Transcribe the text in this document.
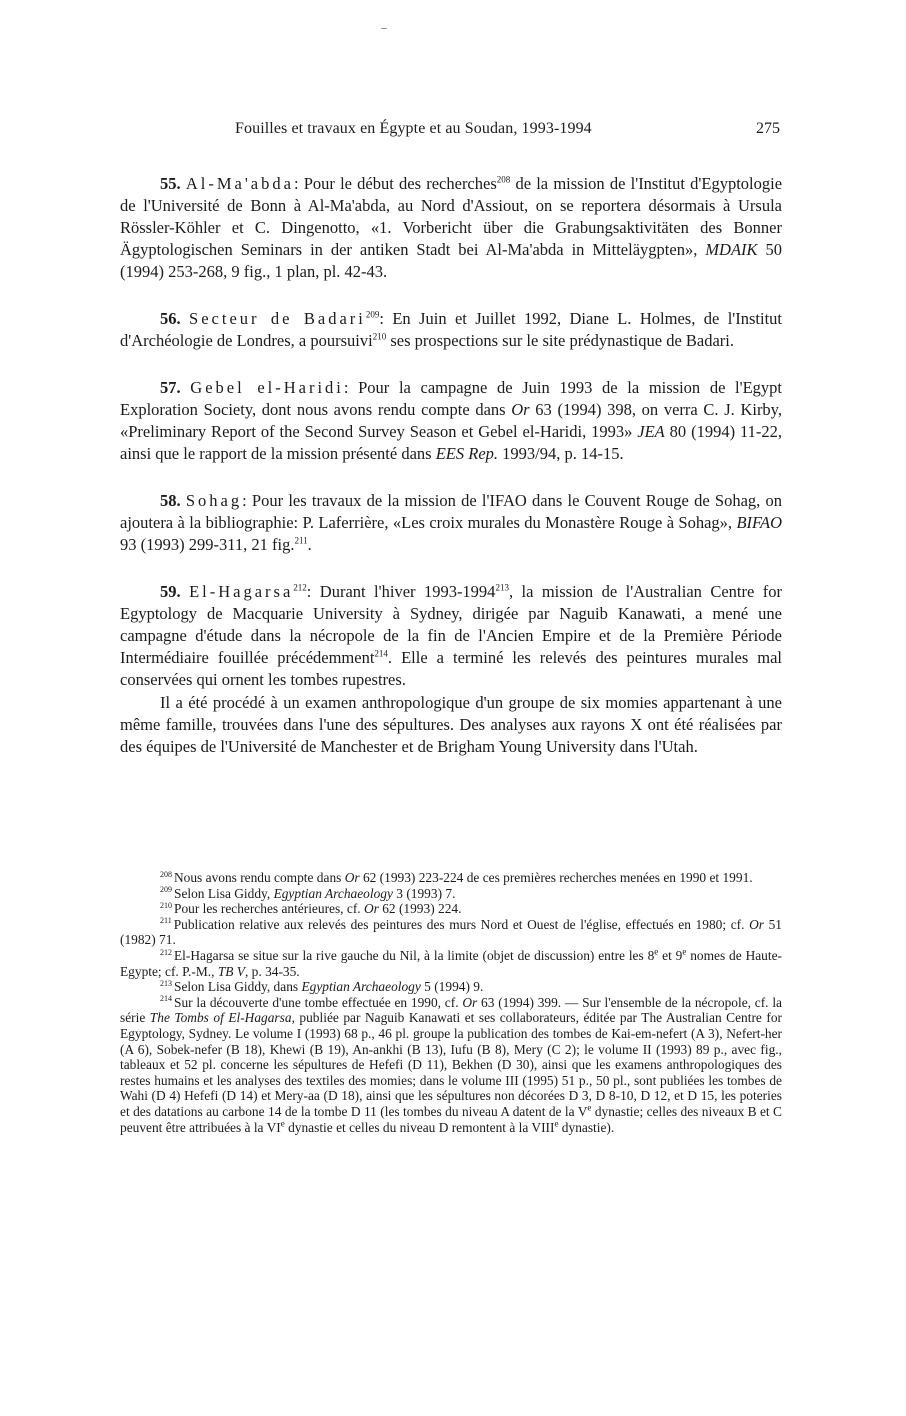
Fouilles et travaux en Égypte et au Soudan, 1993-1994	275

55. Al-Ma'abda: Pour le début des recherches$^{208}$ de la mission de l'Institut d'Egyptologie de l'Université de Bonn à Al-Ma'abda, au Nord d'Assiout, on se reportera désormais à Ursula Rössler-Köhler et C. Dingenotto, «1. Vorbericht über die Grabungsaktivitäten des Bonner Ägyptologischen Seminars in der antiken Stadt bei Al-Ma'abda in Mitteläygpten», MDAIK 50 (1994) 253-268, 9 fig., 1 plan, pl. 42-43.

56. Secteur de Badari$^{209}$: En Juin et Juillet 1992, Diane L. Holmes, de l'Institut d'Archéologie de Londres, a poursuivi$^{210}$ ses prospections sur le site prédynastique de Badari.

57. Gebel el-Haridi: Pour la campagne de Juin 1993 de la mission de l'Egypt Exploration Society, dont nous avons rendu compte dans Or 63 (1994) 398, on verra C. J. Kirby, «Preliminary Report of the Second Survey Season et Gebel el-Haridi, 1993» JEA 80 (1994) 11-22, ainsi que le rapport de la mission présenté dans EES Rep. 1993/94, p. 14-15.

58. Sohag: Pour les travaux de la mission de l'IFAO dans le Couvent Rouge de Sohag, on ajoutera à la bibliographie: P. Laferrière, «Les croix murales du Monastère Rouge à Sohag», BIFAO 93 (1993) 299-311, 21 fig.$^{211}$.

59. El-Hagarsa$^{212}$: Durant l'hiver 1993-1994$^{213}$, la mission de l'Australian Centre for Egyptology de Macquarie University à Sydney, dirigée par Naguib Kanawati, a mené une campagne d'étude dans la nécropole de la fin de l'Ancien Empire et de la Première Période Intermédiaire fouillée précédemment$^{214}$. Elle a terminé les relevés des peintures murales mal conservées qui ornent les tombes rupestres.

Il a été procédé à un examen anthropologique d'un groupe de six momies appartenant à une même famille, trouvées dans l'une des sépultures. Des analyses aux rayons X ont été réalisées par des équipes de l'Université de Manchester et de Brigham Young University dans l'Utah.

$^{208}$ Nous avons rendu compte dans Or 62 (1993) 223-224 de ces premières recherches menées en 1990 et 1991.

$^{209}$ Selon Lisa Giddy, Egyptian Archaeology 3 (1993) 7.

$^{210}$ Pour les recherches antérieures, cf. Or 62 (1993) 224.

$^{211}$ Publication relative aux relevés des peintures des murs Nord et Ouest de l'église, effectués en 1980; cf. Or 51 (1982) 71.

$^{212}$ El-Hagarsa se situe sur la rive gauche du Nil, à la limite (objet de discussion) entre les 8e et 9e nomes de Haute-Egypte; cf. P.-M., TB V, p. 34-35.

$^{213}$ Selon Lisa Giddy, dans Egyptian Archaeology 5 (1994) 9.

$^{214}$ Sur la découverte d'une tombe effectuée en 1990, cf. Or 63 (1994) 399. — Sur l'ensemble de la nécropole, cf. la série The Tombs of El-Hagarsa, publiée par Naguib Kanawati et ses collaborateurs, éditée par The Australian Centre for Egyptology, Sydney. Le volume I (1993) 68 p., 46 pl. groupe la publication des tombes de Kai-em-nefert (A 3), Nefert-her (A 6), Sobek-nefer (B 18), Khewi (B 19), An-ankhi (B 13), Iufu (B 8), Mery (C 2); le volume II (1993) 89 p., avec fig., tableaux et 52 pl. concerne les sépultures de Hefefi (D 11), Bekhen (D 30), ainsi que les examens anthropologiques des restes humains et les analyses des textiles des momies; dans le volume III (1995) 51 p., 50 pl., sont publiées les tombes de Wahi (D 4) Hefefi (D 14) et Mery-aa (D 18), ainsi que les sépultures non décorées D 3, D 8-10, D 12, et D 15, les poteries et des datations au carbone 14 de la tombe D 11 (les tombes du niveau A datent de la Ve dynastie; celles des niveaux B et C peuvent être attribuées à la VIe dynastie et celles du niveau D remontent à la VIIIe dynastie).
